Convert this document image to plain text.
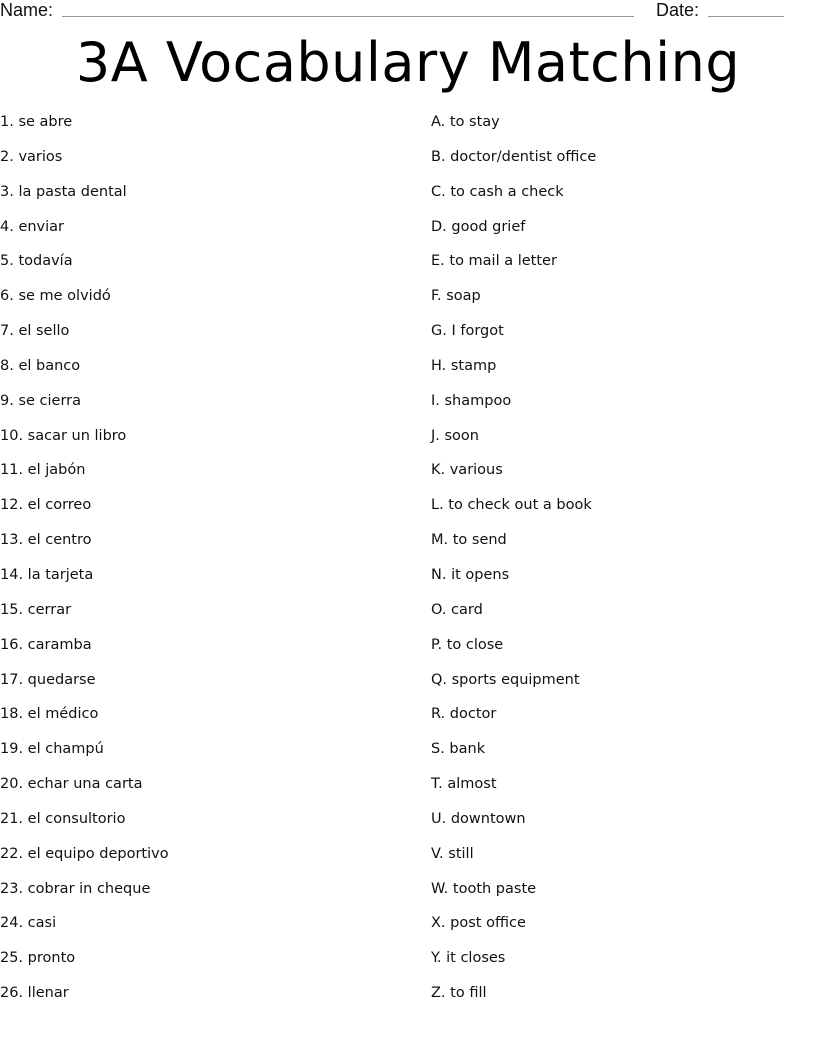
Name:	Date:
3A Vocabulary Matching
1. se abre
2. varios
3. la pasta dental
4. enviar
5. todavía
6. se me olvidó
7. el sello
8. el banco
9. se cierra
10. sacar un libro
11. el jabón
12. el correo
13. el centro
14. la tarjeta
15. cerrar
16. caramba
17. quedarse
18. el médico
19. el champú
20. echar una carta
21. el consultorio
22. el equipo deportivo
23. cobrar in cheque
24. casi
25. pronto
26. llenar
A. to stay
B. doctor/dentist office
C. to cash a check
D. good grief
E. to mail a letter
F. soap
G. I forgot
H. stamp
I. shampoo
J. soon
K. various
L. to check out a book
M. to send
N. it opens
O. card
P. to close
Q. sports equipment
R. doctor
S. bank
T. almost
U. downtown
V. still
W. tooth paste
X. post office
Y. it closes
Z. to fill
